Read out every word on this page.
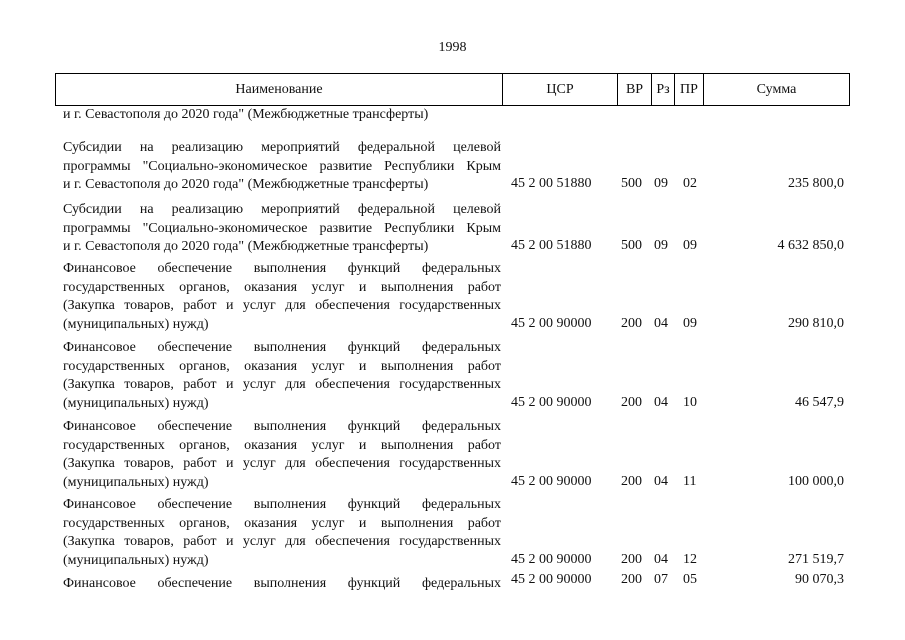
1998
Наименование	ЦСР	ВР Рз ПР	Сумма
и г. Севастополя до 2020 года" (Межбюджетные трансферты)
Субсидии на реализацию мероприятий федеральной целевой
программы "Социально-экономическое развитие Республики Крым
и г. Севастополя до 2020 года" (Межбюджетные трансферты)	45 2 00 51880 500 09 02	235 800,0
Субсидии на реализацию мероприятий федеральной целевой
программы "Социально-экономическое развитие Республики Крым
и г. Севастополя до 2020 года" (Межбюджетные трансферты)	45 2 00 51880 500 09 09	4 632 850,0
Финансовое обеспечение выполнения функций федеральных
государственных органов, оказания услуг и выполнения работ
(Закупка товаров, работ и услуг для обеспечения государственных
(муниципальных) нужд)	45 2 00 90000 200 04 09	290 810,0
Финансовое обеспечение выполнения функций федеральных
государственных органов, оказания услуг и выполнения работ
(Закупка товаров, работ и услуг для обеспечения государственных
(муниципальных) нужд)	45 2 00 90000 200 04 10	46 547,9
Финансовое обеспечение выполнения функций федеральных
государственных органов, оказания услуг и выполнения работ
(Закупка товаров, работ и услуг для обеспечения государственных
(муниципальных) нужд)	45 2 00 90000 200 04 11	100 000,0
Финансовое обеспечение выполнения функций федеральных
государственных органов, оказания услуг и выполнения работ
(Закупка товаров, работ и услуг для обеспечения государственных
(муниципальных) нужд)	45 2 00 90000 200 04 12	271 519,7
Финансовое обеспечение выполнения функций федеральных 45 2 00 90000 200 07 05	90 070,3
